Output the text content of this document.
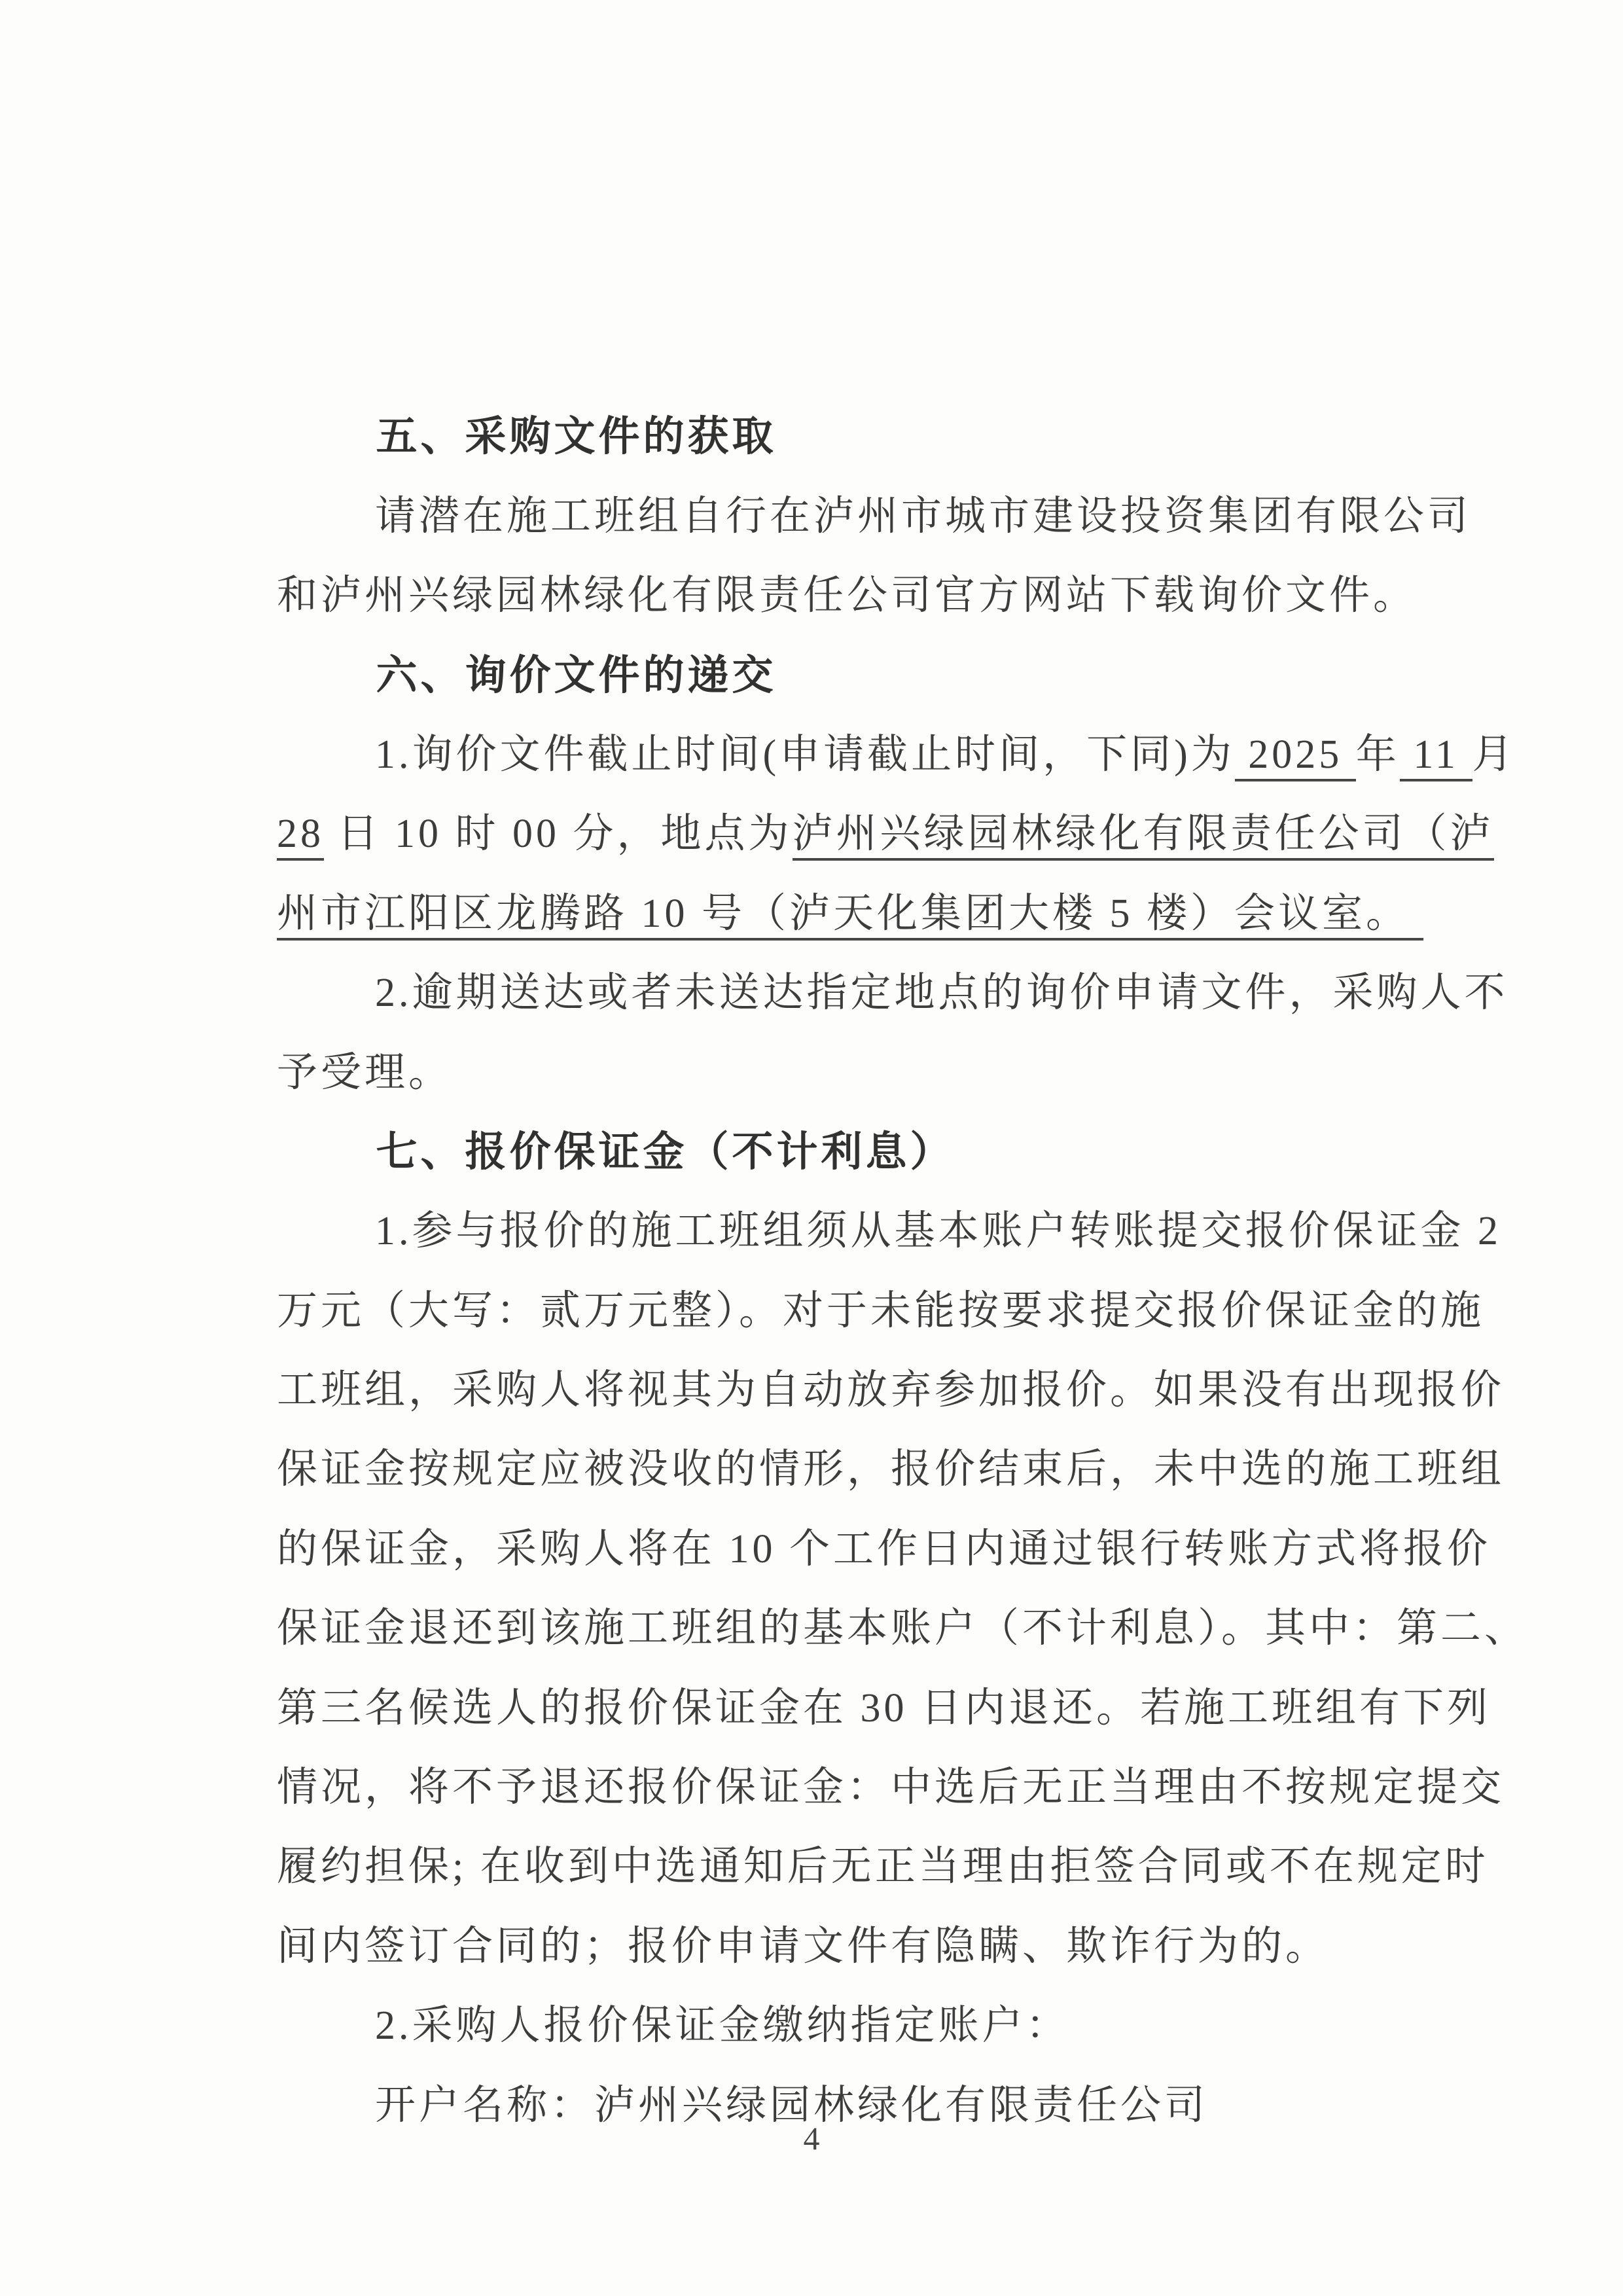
五、采购文件的获取

请潜在施工班组自行在泸州市城市建设投资集团有限公司

和泸州兴绿园林绿化有限责任公司官方网站下载询价文件。

六、询价文件的递交

1.询价文件截止时间(申请截止时间，下同)为 2025 年 11 月

28 日 10 时 00 分，地点为泸州兴绿园林绿化有限责任公司（泸

州市江阳区龙腾路 10 号（泸天化集团大楼 5 楼）会议室。

2.逾期送达或者未送达指定地点的询价申请文件，采购人不

予受理。

七、报价保证金（不计利息）

1.参与报价的施工班组须从基本账户转账提交报价保证金 2

万元（大写：贰万元整）。对于未能按要求提交报价保证金的施

工班组，采购人将视其为自动放弃参加报价。如果没有出现报价

保证金按规定应被没收的情形，报价结束后，未中选的施工班组

的保证金，采购人将在 10 个工作日内通过银行转账方式将报价

保证金退还到该施工班组的基本账户（不计利息）。其中：第二、

第三名候选人的报价保证金在 30 日内退还。若施工班组有下列

情况，将不予退还报价保证金：中选后无正当理由不按规定提交

履约担保; 在收到中选通知后无正当理由拒签合同或不在规定时

间内签订合同的；报价申请文件有隐瞒、欺诈行为的。

2.采购人报价保证金缴纳指定账户：

开户名称：泸州兴绿园林绿化有限责任公司

4
